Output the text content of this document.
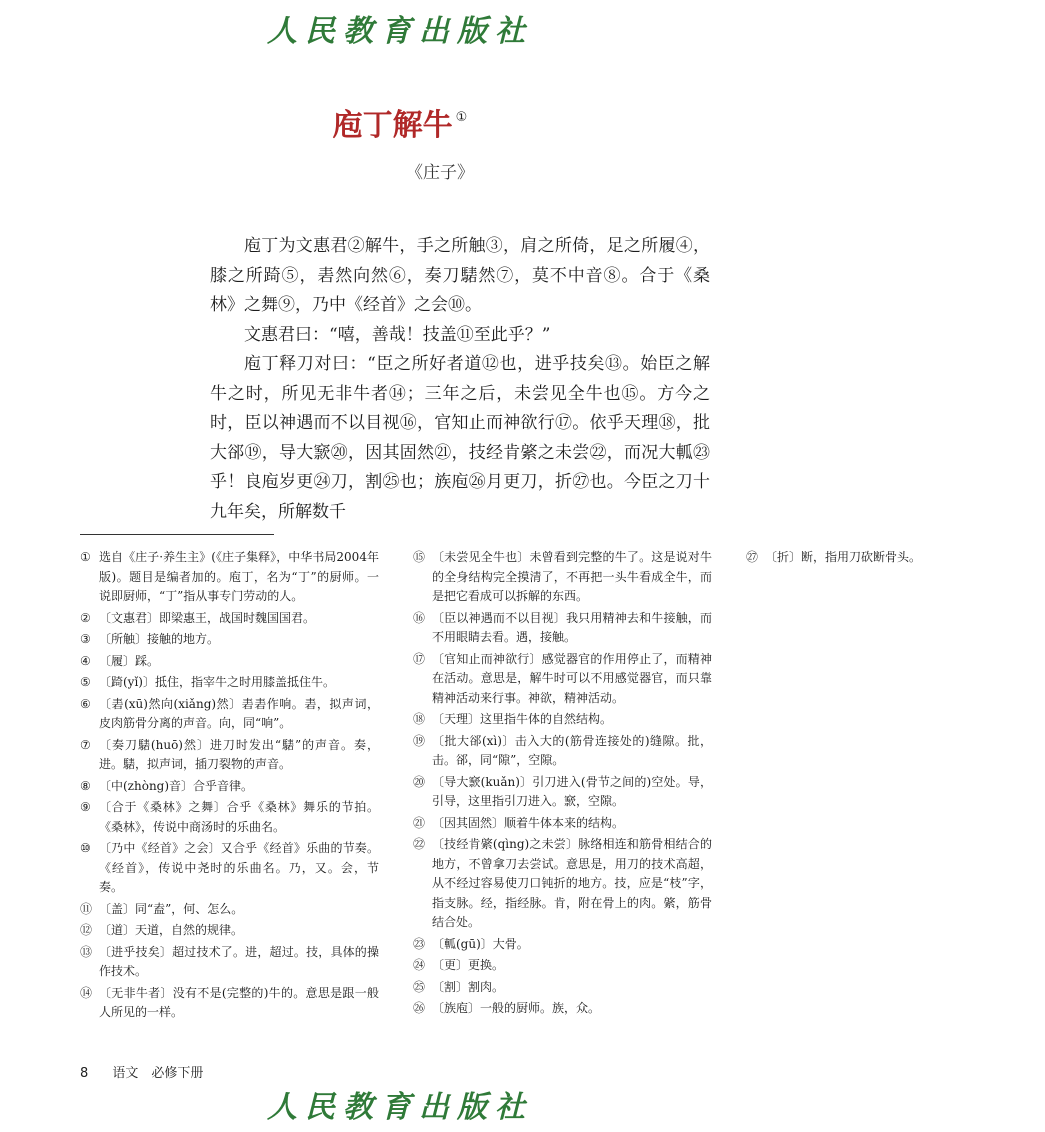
人民教育出版社
庖丁解牛 ①
《庄子》

庖丁为文惠君②解牛，手之所触③，肩之所倚，足之所履④，膝之所踦⑤，砉然向然⑥，奏刀騞然⑦，莫不中音⑧。合于《桑林》之舞⑨，乃中《经首》之会⑩。

文惠君曰：“嘻，善哉！技盖⑪至此乎？”

庖丁释刀对曰：“臣之所好者道⑫也，进乎技矣⑬。始臣之解牛之时，所见无非牛者⑭；三年之后，未尝见全牛也⑮。方今之时，臣以神遇而不以目视⑯，官知止而神欲行⑰。依乎天理⑱，批大郤⑲，导大窾⑳，因其固然㉑，技经肯綮之未尝㉒，而况大軱㉓乎！良庖岁更㉔刀，割㉕也；族庖㉖月更刀，折㉗也。今臣之刀十九年矣，所解数千

① 选自《庄子·养生主》(《庄子集释》，中华书局2004年版)。题目是编者加的。庖丁，名为“丁”的厨师。一说即厨师，“丁”指从事专门劳动的人。
② 〔文惠君〕即梁惠王，战国时魏国国君。
③ 〔所触〕接触的地方。
④ 〔履〕踩。
⑤ 〔踦(yǐ)〕抵住，指宰牛之时用膝盖抵住牛。
⑥ 〔砉(xū)然向(xiǎng)然〕砉砉作响。砉，拟声词，皮肉筋骨分离的声音。向，同“响”。
⑦ 〔奏刀騞(huō)然〕进刀时发出“騞”的声音。奏，进。騞，拟声词，插刀裂物的声音。
⑧ 〔中(zhòng)音〕合乎音律。
⑨ 〔合于《桑林》之舞〕合乎《桑林》舞乐的节拍。《桑林》，传说中商汤时的乐曲名。
⑩ 〔乃中《经首》之会〕又合乎《经首》乐曲的节奏。《经首》，传说中尧时的乐曲名。乃，又。会，节奏。
⑪ 〔盖〕同“盍”，何、怎么。
⑫ 〔道〕天道，自然的规律。
⑬ 〔进乎技矣〕超过技术了。进，超过。技，具体的操作技术。
⑭ 〔无非牛者〕没有不是(完整的)牛的。意思是跟一般人所见的一样。
⑮ 〔未尝见全牛也〕未曾看到完整的牛了。这是说对牛的全身结构完全摸清了，不再把一头牛看成全牛，而是把它看成可以拆解的东西。
⑯ 〔臣以神遇而不以目视〕我只用精神去和牛接触，而不用眼睛去看。遇，接触。
⑰ 〔官知止而神欲行〕感觉器官的作用停止了，而精神在活动。意思是，解牛时可以不用感觉器官，而只靠精神活动来行事。神欲，精神活动。
⑱ 〔天理〕这里指牛体的自然结构。
⑲ 〔批大郤(xì)〕击入大的(筋骨连接处的)缝隙。批，击。郤，同“隙”，空隙。
⑳ 〔导大窾(kuǎn)〕引刀进入(骨节之间的)空处。导，引导，这里指引刀进入。窾，空隙。
㉑ 〔因其固然〕顺着牛体本来的结构。
㉒ 〔技经肯綮(qìng)之未尝〕脉络相连和筋骨相结合的地方，不曾拿刀去尝试。意思是，用刀的技术高超，从不经过容易使刀口钝折的地方。技，应是“枝”字，指支脉。经，指经脉。肯，附在骨上的肉。綮，筋骨结合处。
㉓ 〔軱(gū)〕大骨。
㉔ 〔更〕更换。
㉕ 〔割〕割肉。
㉖ 〔族庖〕一般的厨师。族，众。
㉗ 〔折〕断，指用刀砍断骨头。
8 语文　必修下册
人民教育出版社
